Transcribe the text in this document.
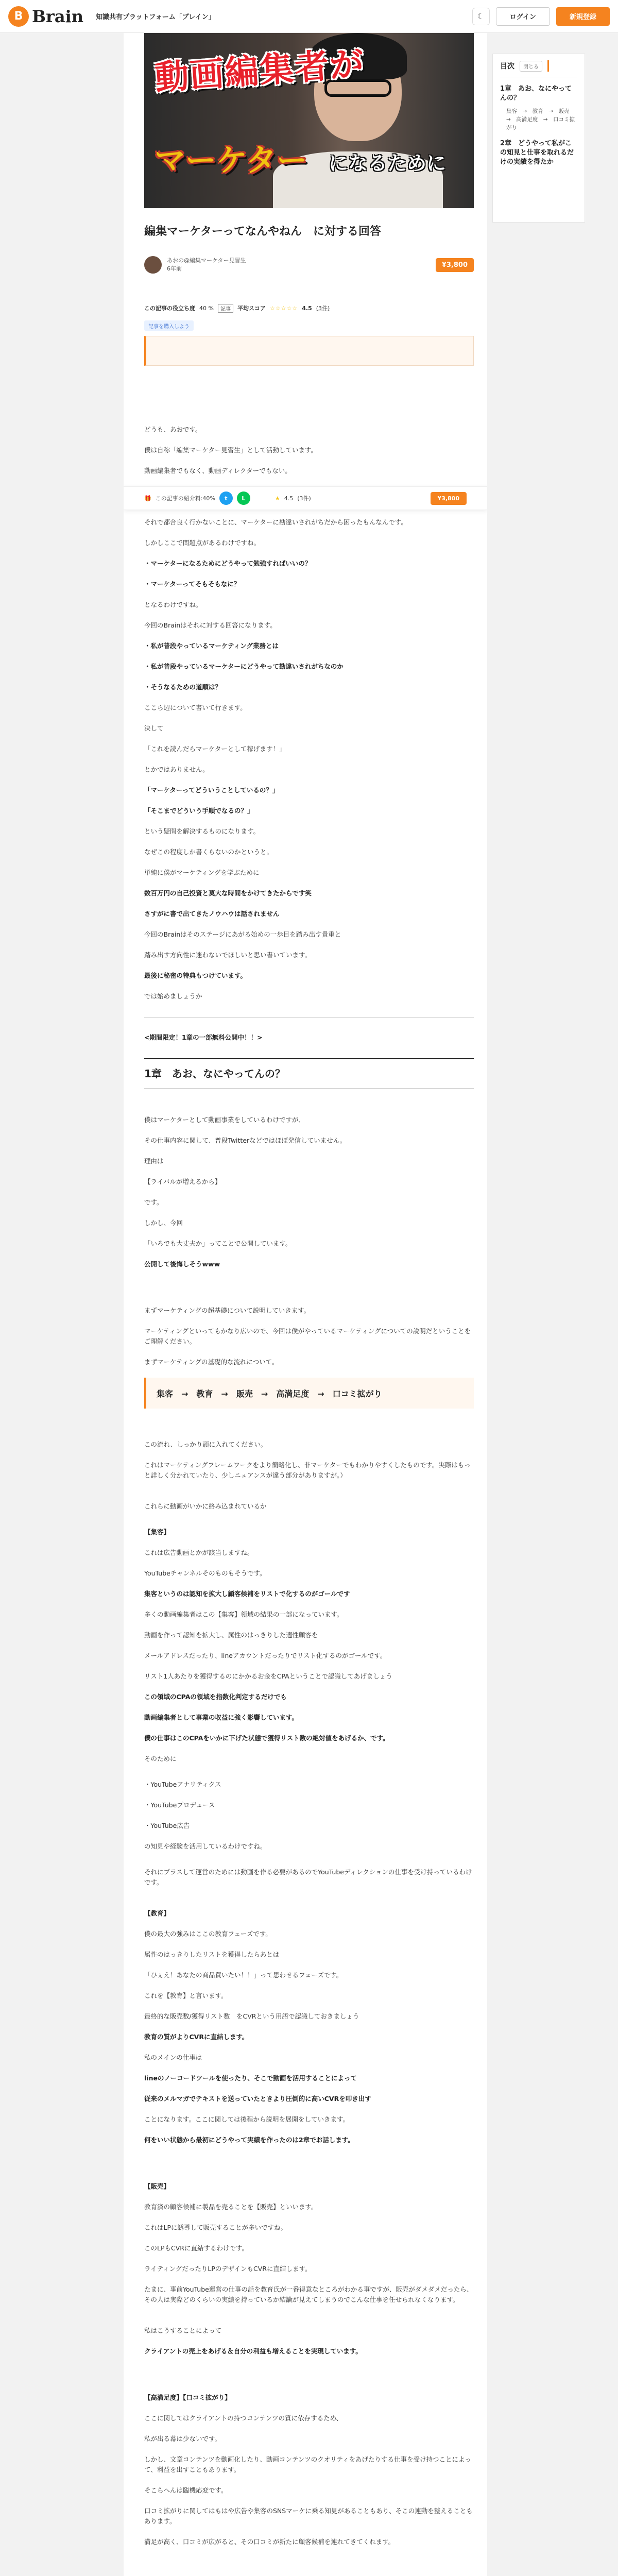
B Brain 知識共有プラットフォーム「ブレイン」	☾	ログイン	新規登録
動画編集者が
マーケター になるために
編集マーケターってなんやねん　に対する回答
あおの@編集マーケター見習生
6年前	¥3,800
この記事の役立ち度 40 %	記事	平均スコア ☆☆☆☆☆ 4.5 (3件)
記事を購入しよう
どうも、あおです。
僕は自称「編集マーケター見習生」として活動しています。
動画編集者でもなく、動画ディレクターでもない。
それで都合良く行かないことに、マーケターに勘違いされがちだから困ったもんなんです。
しかしここで問題点があるわけですね。
・マーケターになるためにどうやって勉強すればいいの？
・マーケターってそもそもなに？
となるわけですね。
今回のBrainはそれに対する回答になります。
・私が普段やっているマーケティング業務とは
・私が普段やっているマーケターにどうやって勘違いされがちなのか
・そうなるための道順は？
ここら辺について書いて行きます。
決して
「これを読んだらマーケターとして稼げます！」
とかではありません。
「マーケターってどういうことしているの？」
「そこまでどういう手順でなるの？」
という疑問を解決するものになります。
なぜこの程度しか書くらないのかというと。
単純に僕がマーケティングを学ぶために
数百万円の自己投資と莫大な時間をかけてきたからです笑
さすがに書で出てきたノウハウは話されません
今回のBrainはそのステージにあがる始めの一歩目を踏み出す貴重と
踏み出す方向性に迷わないでほしいと思い書いています。
最後に秘密の特典もつけています。
では始めましょうか
<期間限定！1章の一部無料公開中！！>
1章　あお、なにやってんの？
僕はマーケターとして動画事業をしているわけですが、
その仕事内容に関して、普段Twitterなどではほぼ発信していません。
理由は
【ライバルが増えるから】
です。
しかし、今回
「いろでも大丈夫か」ってことで公開しています。
公開して後悔しそうwww
まずマーケティングの超基礎について説明していきます。
マーケティングといってもかなり広いので、今回は僕がやっているマーケティングについての説明だということをご理解ください。
まずマーケティングの基礎的な流れについて。
集客　→　教育　→　販売　→　高満足度　→　口コミ拡がり
この流れ、しっかり頭に入れてください。
これはマーケティングフレームワークをより簡略化し、非マーケターでもわかりやすくしたものです。実際はもっと詳しく分かれていたり、少しニュアンスが違う部分がありますが。）
これらに動画がいかに絡み込まれているか
【集客】
これは広告動画とかが該当しますね。
YouTubeチャンネルそのものもそうです。
集客というのは認知を拡大し顧客候補をリストで化するのがゴールです
多くの動画編集者はこの【集客】領域の結果の一部になっています。
動画を作って認知を拡大し、属性のはっきりした適性顧客を
メールアドレスだったり、lineアカウントだったりでリスト化するのがゴールです。
リスト1人あたりを獲得するのにかかるお金をCPAということで認識してあげましょう
この領域のCPAの領域を指数化判定するだけでも
動画編集者として事業の収益に強く影響しています。
僕の仕事はこのCPAをいかに下げた状態で獲得リスト数の絶対値をあげるか、です。
そのために
・YouTubeアナリティクス
・YouTubeプロデュース
・YouTube広告
の知見や経験を活用しているわけですね。
それにプラスして運営のためには動画を作る必要があるのでYouTubeディレクションの仕事を受け持っているわけです。
【教育】
僕の最大の強みはここの教育フェーズです。
属性のはっきりしたリストを獲得したらあとは
「ひぇえ！あなたの商品買いたい！！」って思わせるフェーズです。
これを【教育】と言います。
最終的な販売数/獲得リスト数　をCVRという用語で認識しておきましょう
教育の質がよりCVRに直結します。
私のメインの仕事は
lineのノーコードツールを使ったり、そこで動画を活用することによって
従来のメルマガでテキストを送っていたときより圧倒的に高いCVRを叩き出す
ことになります。ここに関しては後程から説明を展開をしていきます。
何をいい状態から最初にどうやって実績を作ったのは2章でお話します。
【販売】
教育済の顧客候補に製品を売ることを【販売】といいます。
これはLPに誘導して販売することが多いですね。
このLPもCVRに直結するわけです。
ライティングだったりLPのデザインもCVRに直結します。
たまに、事前YouTube運営の仕事の話を教育氏が一番得意なところがわかる事ですが、販売がダメダメだったら、その人は実際どのくらいの実績を持っているか結論が見えてしまうのでこんな仕事を任せられなくなります。
私はこうすることによって
クライアントの売上をあげる＆自分の利益も増えることを実現しています。
【高満足度】【口コミ拡がり】
ここに関してはクライアントの持つコンテンツの質に依存するため、
私が出る幕は少ないです。
しかし、文章コンテンツを動画化したり、動画コンテンツのクオリティをあげたりする仕事を受け持つことによって、利益を出すこともあります。
そこらへんは臨機応変です。
口コミ拡がりに関してはもはや広告や集客のSNSマーケに乗る知見があることもあり、そこの連動を整えることもあります。
満足が高く、口コミが広がると、その口コミが新たに顧客候補を連れてきてくれます。
🎁 この記事の紹介料:40%	t	L	★ 4.5 (3件)	¥3,800
目次	閉じる
1章　あお、なにやってんの？
集客　→　教育　→　販売　→　高満足度　→　口コミ拡がり
2章　どうやって私がこの知見と仕事を取れるだけの実績を得たか
